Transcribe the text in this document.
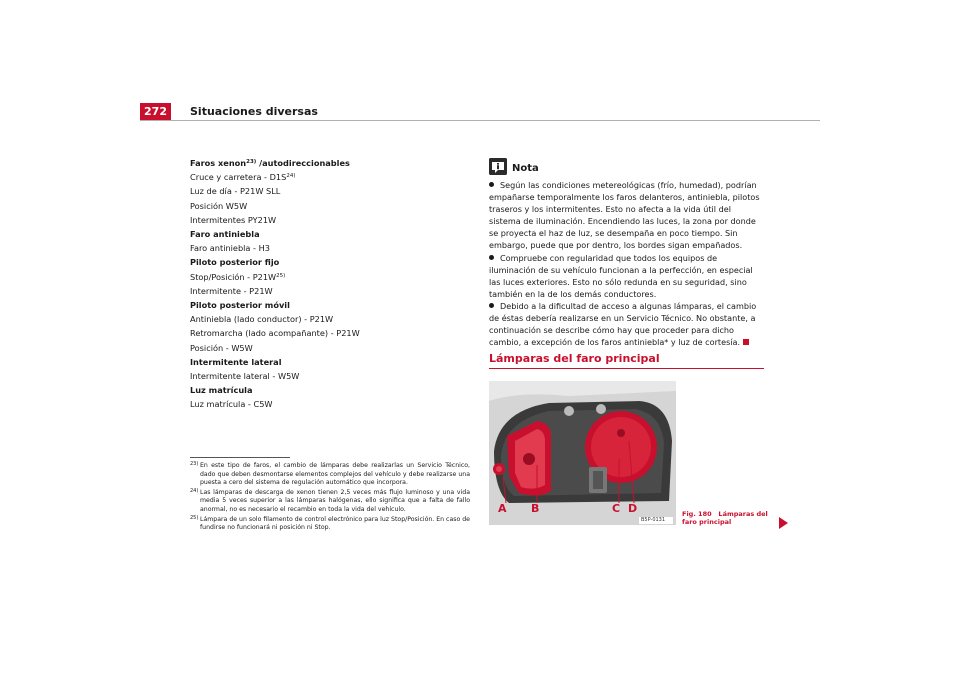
272	Situaciones diversas
Faros xenon$^{23)}$ /autodireccionables
Cruce y carretera - $D1S^{24)}$
Luz de día - P21W SLL
Posición W5W
Intermitentes PY21W
Faro antiniebla
Faro antiniebla - H3
Piloto posterior fijo
Stop/Posición - $P21W^{25)}$
Intermitente - P21W
Piloto posterior móvil
Antiniebla (lado conductor) - P21W
Retromarcha (lado acompañante) - P21W
Posición - W5W
Intermitente lateral
Intermitente lateral - W5W
Luz matrícula
Luz matrícula - C5W
23) En este tipo de faros, el cambio de lámparas debe realizarlas un Servicio Técnico, dado que deben desmontarse elementos complejos del vehículo y debe realizarse una puesta a cero del sistema de regulación automático que incorpora.
24) Las lámparas de descarga de xenon tienen 2,5 veces más flujo luminoso y una vida media 5 veces superior a las lámparas halógenas, ello significa que a falta de fallo anormal, no es necesario el recambio en toda la vida del vehículo.
25) Lámpara de un solo filamento de control electrónico para luz Stop/Posición. En caso de fundirse no funcionará ni posición ni Stop.
Nota
Según las condiciones metereológicas (frío, humedad), podrían empañarse temporalmente los faros delanteros, antiniebla, pilotos traseros y los intermitentes. Esto no afecta a la vida útil del sistema de iluminación. Encendiendo las luces, la zona por donde se proyecta el haz de luz, se desempaña en poco tiempo. Sin embargo, puede que por dentro, los bordes sigan empañados.
Compruebe con regularidad que todos los equipos de iluminación de su vehículo funcionan a la perfección, en especial las luces exteriores. Esto no sólo redunda en su seguridad, sino también en la de los demás conductores.
Debido a la dificultad de acceso a algunas lámparas, el cambio de éstas debería realizarse en un Servicio Técnico. No obstante, a continuación se describe cómo hay que proceder para dicho cambio, a excepción de los faros antiniebla* y luz de cortesía.
Lámparas del faro principal
A B	C D
B5P-0131
Fig. 180 Lámparas del faro principal
